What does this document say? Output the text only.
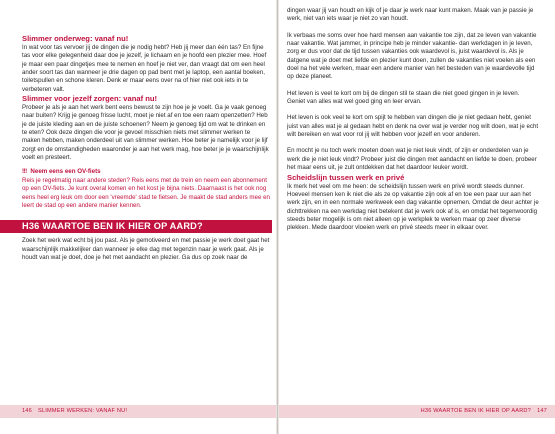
Slimmer onderweg: vanaf nu!

In wat voor tas vervoer jij de dingen die je nodig hebt? Heb jij meer dan één tas? En fijne tas voor elke gelegenheid daar doe je jezelf, je lichaam en je hoofd een plezier mee. Hoef je maar een paar dingetjes mee te nemen en hoef je niet ver, dan vraagt dat om een heel ander soort tas dan wanneer je drie dagen op pad bent met je laptop, een aantal boeken, toiletspullen en schone kleren. Denk er maar eens over na of hier niet ook iets in te verbeteren valt.

Slimmer voor jezelf zorgen: vanaf nu!

Probeer je als je aan het werk bent eens bewust te zijn hoe je je voelt. Ga je vaak genoeg naar buiten? Krijg je genoeg frisse lucht, moet je niet af en toe een raam openzetten? Heb je de juiste kleding aan en de juiste schoenen? Neem je genoeg tijd om wat te drinken en te eten? Ook deze dingen die voor je gevoel misschien niets met slimmer werken te maken hebben, maken onderdeel uit van slimmer werken. Hoe beter je namelijk voor je lijf zorgt en de omstandigheden waaronder je aan het werk mag, hoe beter je je waarschijnlijk voelt en presteert.

!!! Neem eens een OV-fiets

Reis je regelmatig naar andere steden? Reis eens met de trein en neem een abonnement op een OV-fiets. Je kunt overal komen en het kost je bijna niets. Daarnaast is het ook nog eens heel erg leuk om door een 'vreemde' stad te fietsen. Je maakt de stad anders mee en leert de stad op een andere manier kennen.

H36 WAARTOE BEN IK HIER OP AARD?

Zoek het werk wat echt bij jou past. Als je gemotiveerd en met passie je werk doet gaat het waarschijnlijk makkelijker dan wanneer je elke dag met tegenzin naar je werk gaat. Als je houdt van wat je doet, doe je het met aandacht en plezier. Ga dus op zoek naar de

146 SLIMMER WERKEN: VANAF NU!

dingen waar jij van houdt en kijk of je daar je werk naar kunt maken. Maak van je passie je werk, niet van iets waar je niet zo van houdt.

Ik verbaas me soms over hoe hard mensen aan vakantie toe zijn, dat ze leven van vakantie naar vakantie. Wat jammer, in principe heb je minder vakantie- dan werkdagen in je leven, zorg er dus voor dat de tijd tussen vakanties ook waardevol is, juist waardevol is. Als je datgene wat je doet met liefde en plezier kunt doen, zullen de vakanties niet voelen als een doel na het vele werken, maar een andere manier van het besteden van je waardevolle tijd op deze planeet.

Het leven is veel te kort om bij de dingen stil te staan die niet goed gingen in je leven. Geniet van alles wat wel goed ging en leer ervan.

Het leven is ook veel te kort om spijt te hebben van dingen die je niet gedaan hebt, geniet juist van alles wat je al gedaan hebt en denk na over wat je verder nog wilt doen, wat je echt wilt bereiken en wat voor rol jij wilt hebben voor jezelf en voor anderen.

En mocht je nu toch werk moeten doen wat je niet leuk vindt, of zijn er onderdelen van je werk die je niet leuk vindt? Probeer juist die dingen met aandacht en liefde te doen, probeer het maar eens uit, je zult ontdekken dat het daardoor leuker wordt.

Scheidslijn tussen werk en privé

Ik merk het veel om me heen: de scheidslijn tussen werk en privé wordt steeds dunner. Hoeveel mensen ken ik niet die als ze op vakantie zijn ook af en toe een paar uur aan het werk zijn, en in een normale werkweek een dag vakantie opnemen. Omdat de deur achter je dichttrekken na een werkdag niet betekent dat je werk ook af is, en omdat het tegenwoordig steeds beter mogelijk is om niet alleen op je werkplek te werken maar op zeer diverse plekken. Mede daardoor vloeien werk en privé steeds meer in elkaar over.

H36 WAARTOE BEN IK HIER OP AARD? 147
